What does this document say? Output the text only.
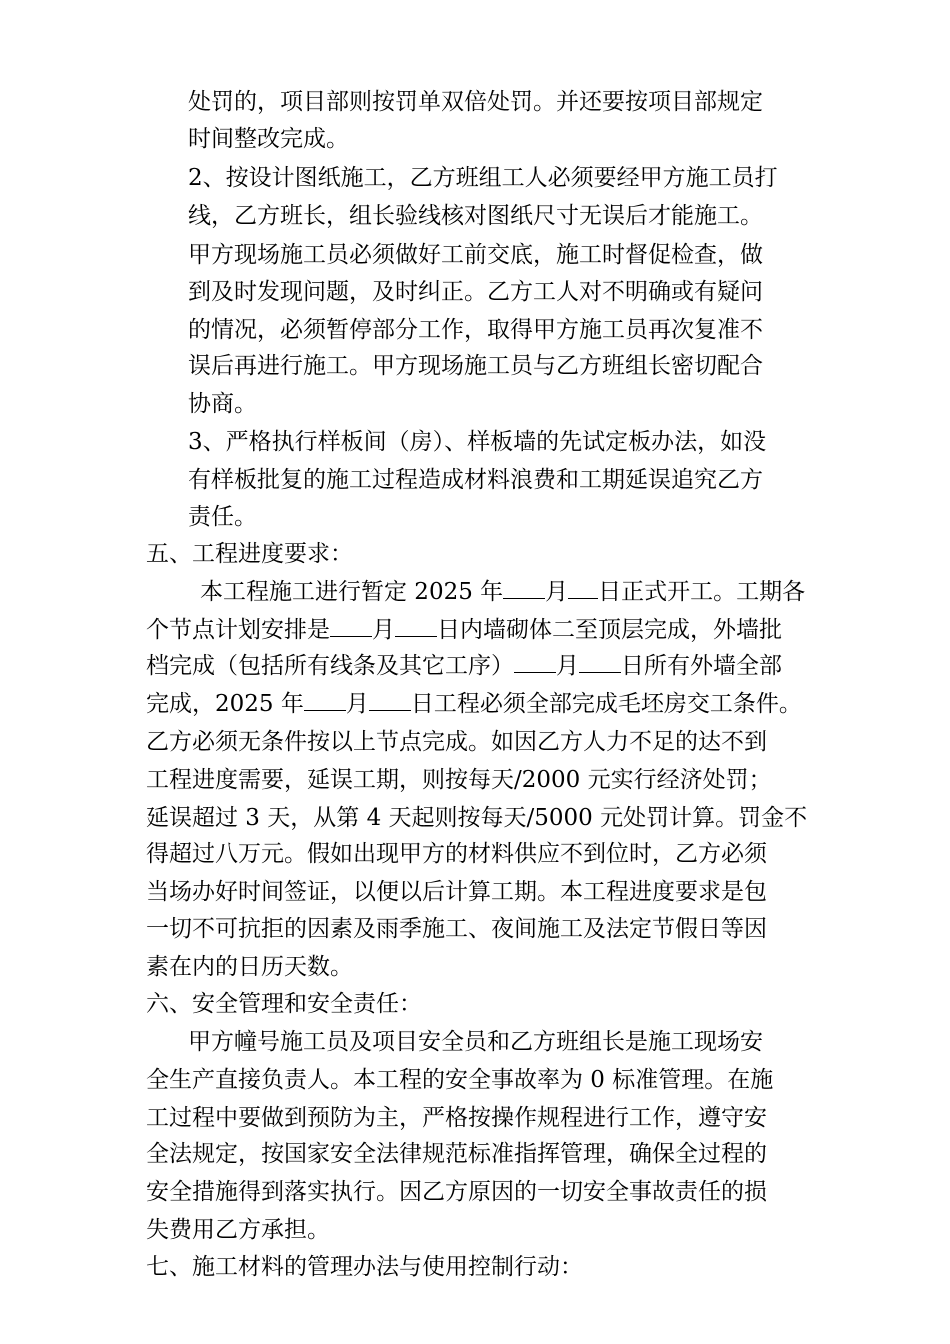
处罚的，项目部则按罚单双倍处罚。并还要按项目部规定
时间整改完成。
2、按设计图纸施工，乙方班组工人必须要经甲方施工员打
线，乙方班长，组长验线核对图纸尺寸无误后才能施工。
甲方现场施工员必须做好工前交底，施工时督促检查，做
到及时发现问题，及时纠正。乙方工人对不明确或有疑问
的情况，必须暂停部分工作，取得甲方施工员再次复准不
误后再进行施工。甲方现场施工员与乙方班组长密切配合
协商。
3、严格执行样板间（房）、样板墙的先试定板办法，如没
有样板批复的施工过程造成材料浪费和工期延误追究乙方
责任。
五、工程进度要求：
本工程施工进行暂定 2025 年 月 日正式开工。工期各
个节点计划安排是 月 日内墙砌体二至顶层完成，外墙批
档完成（包括所有线条及其它工序） 月 日所有外墙全部
完成，2025 年 月 日工程必须全部完成毛坯房交工条件。
乙方必须无条件按以上节点完成。如因乙方人力不足的达不到
工程进度需要，延误工期，则按每天/2000 元实行经济处罚；
延误超过 3 天，从第 4 天起则按每天/5000 元处罚计算。罚金不
得超过八万元。假如出现甲方的材料供应不到位时，乙方必须
当场办好时间签证，以便以后计算工期。本工程进度要求是包
一切不可抗拒的因素及雨季施工、夜间施工及法定节假日等因
素在内的日历天数。
六、安全管理和安全责任：
甲方幢号施工员及项目安全员和乙方班组长是施工现场安
全生产直接负责人。本工程的安全事故率为 0 标准管理。在施
工过程中要做到预防为主，严格按操作规程进行工作，遵守安
全法规定，按国家安全法律规范标准指挥管理，确保全过程的
安全措施得到落实执行。因乙方原因的一切安全事故责任的损
失费用乙方承担。
七、施工材料的管理办法与使用控制行动：
